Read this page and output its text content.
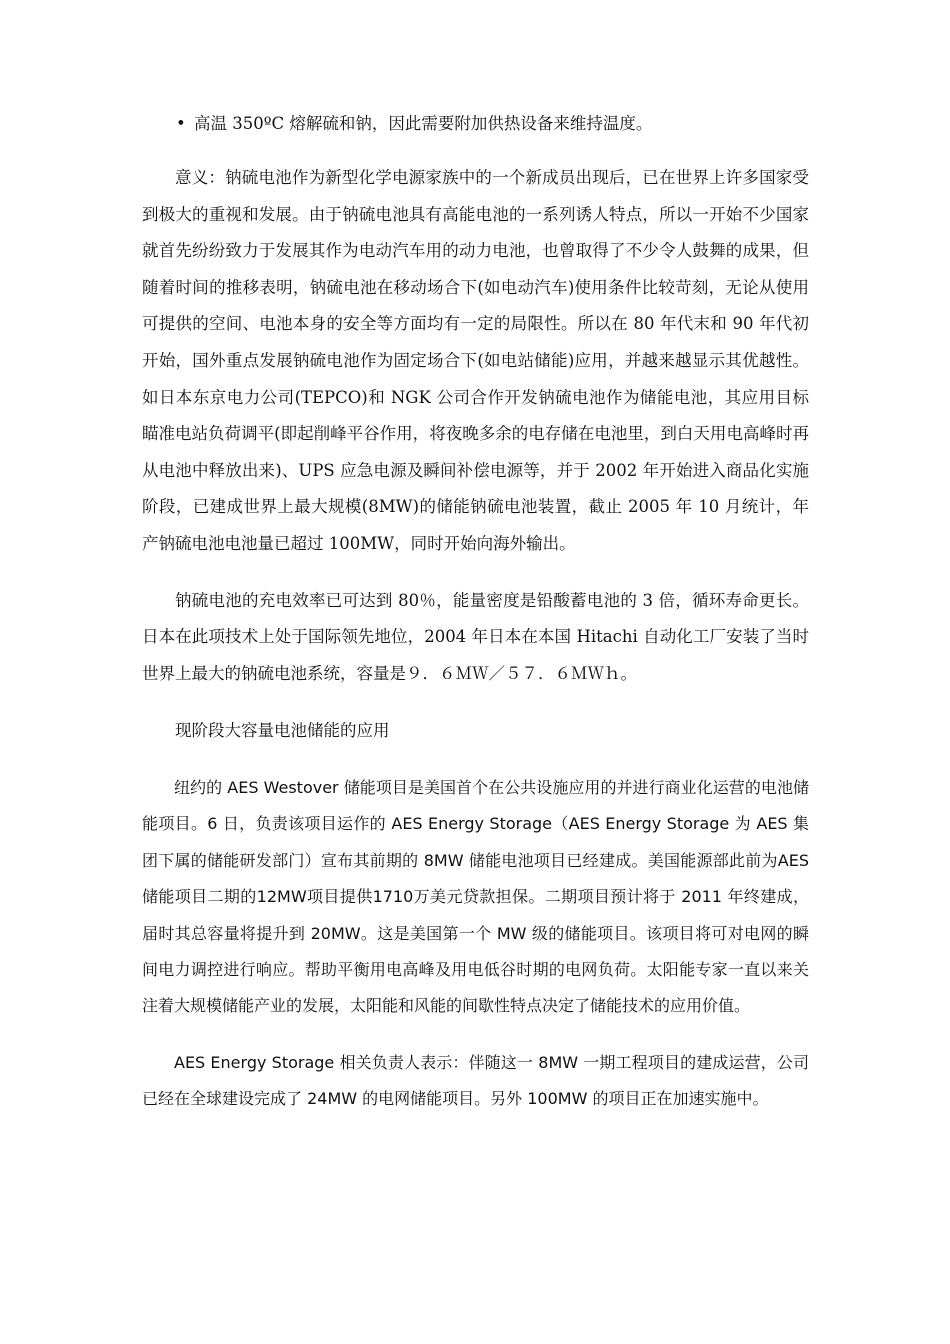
• 高温 350ºC 熔解硫和钠，因此需要附加供热设备来维持温度。

意义：钠硫电池作为新型化学电源家族中的一个新成员出现后，已在世界上许多国家受到极大的重视和发展。由于钠硫电池具有高能电池的一系列诱人特点，所以一开始不少国家就首先纷纷致力于发展其作为电动汽车用的动力电池，也曾取得了不少令人鼓舞的成果，但随着时间的推移表明，钠硫电池在移动场合下(如电动汽车)使用条件比较苛刻，无论从使用可提供的空间、电池本身的安全等方面均有一定的局限性。所以在 80 年代末和 90 年代初开始，国外重点发展钠硫电池作为固定场合下(如电站储能)应用，并越来越显示其优越性。如日本东京电力公司(TEPCO)和 NGK 公司合作开发钠硫电池作为储能电池，其应用目标瞄准电站负荷调平(即起削峰平谷作用，将夜晚多余的电存储在电池里，到白天用电高峰时再从电池中释放出来)、UPS 应急电源及瞬间补偿电源等，并于 2002 年开始进入商品化实施阶段，已建成世界上最大规模(8MW)的储能钠硫电池装置，截止 2005 年 10 月统计，年产钠硫电池电池量已超过 100MW，同时开始向海外输出。

钠硫电池的充电效率已可达到 80％，能量密度是铅酸蓄电池的 3 倍，循环寿命更长。日本在此项技术上处于国际领先地位，2004 年日本在本国 Hitachi 自动化工厂安装了当时世界上最大的钠硫电池系统，容量是９．６ＭＷ／５７．６ＭＷｈ。

现阶段大容量电池储能的应用

纽约的 AES Westover 储能项目是美国首个在公共设施应用的并进行商业化运营的电池储能项目。6 日，负责该项目运作的 AES Energy Storage（AES Energy Storage 为 AES 集团下属的储能研发部门）宣布其前期的 8MW 储能电池项目已经建成。美国能源部此前为AES储能项目二期的12MW项目提供1710万美元贷款担保。二期项目预计将于 2011 年终建成，届时其总容量将提升到 20MW。这是美国第一个 MW 级的储能项目。该项目将可对电网的瞬间电力调控进行响应。帮助平衡用电高峰及用电低谷时期的电网负荷。太阳能专家一直以来关注着大规模储能产业的发展，太阳能和风能的间歇性特点决定了储能技术的应用价值。

AES Energy Storage 相关负责人表示：伴随这一 8MW 一期工程项目的建成运营，公司已经在全球建设完成了 24MW 的电网储能项目。另外 100MW 的项目正在加速实施中。
